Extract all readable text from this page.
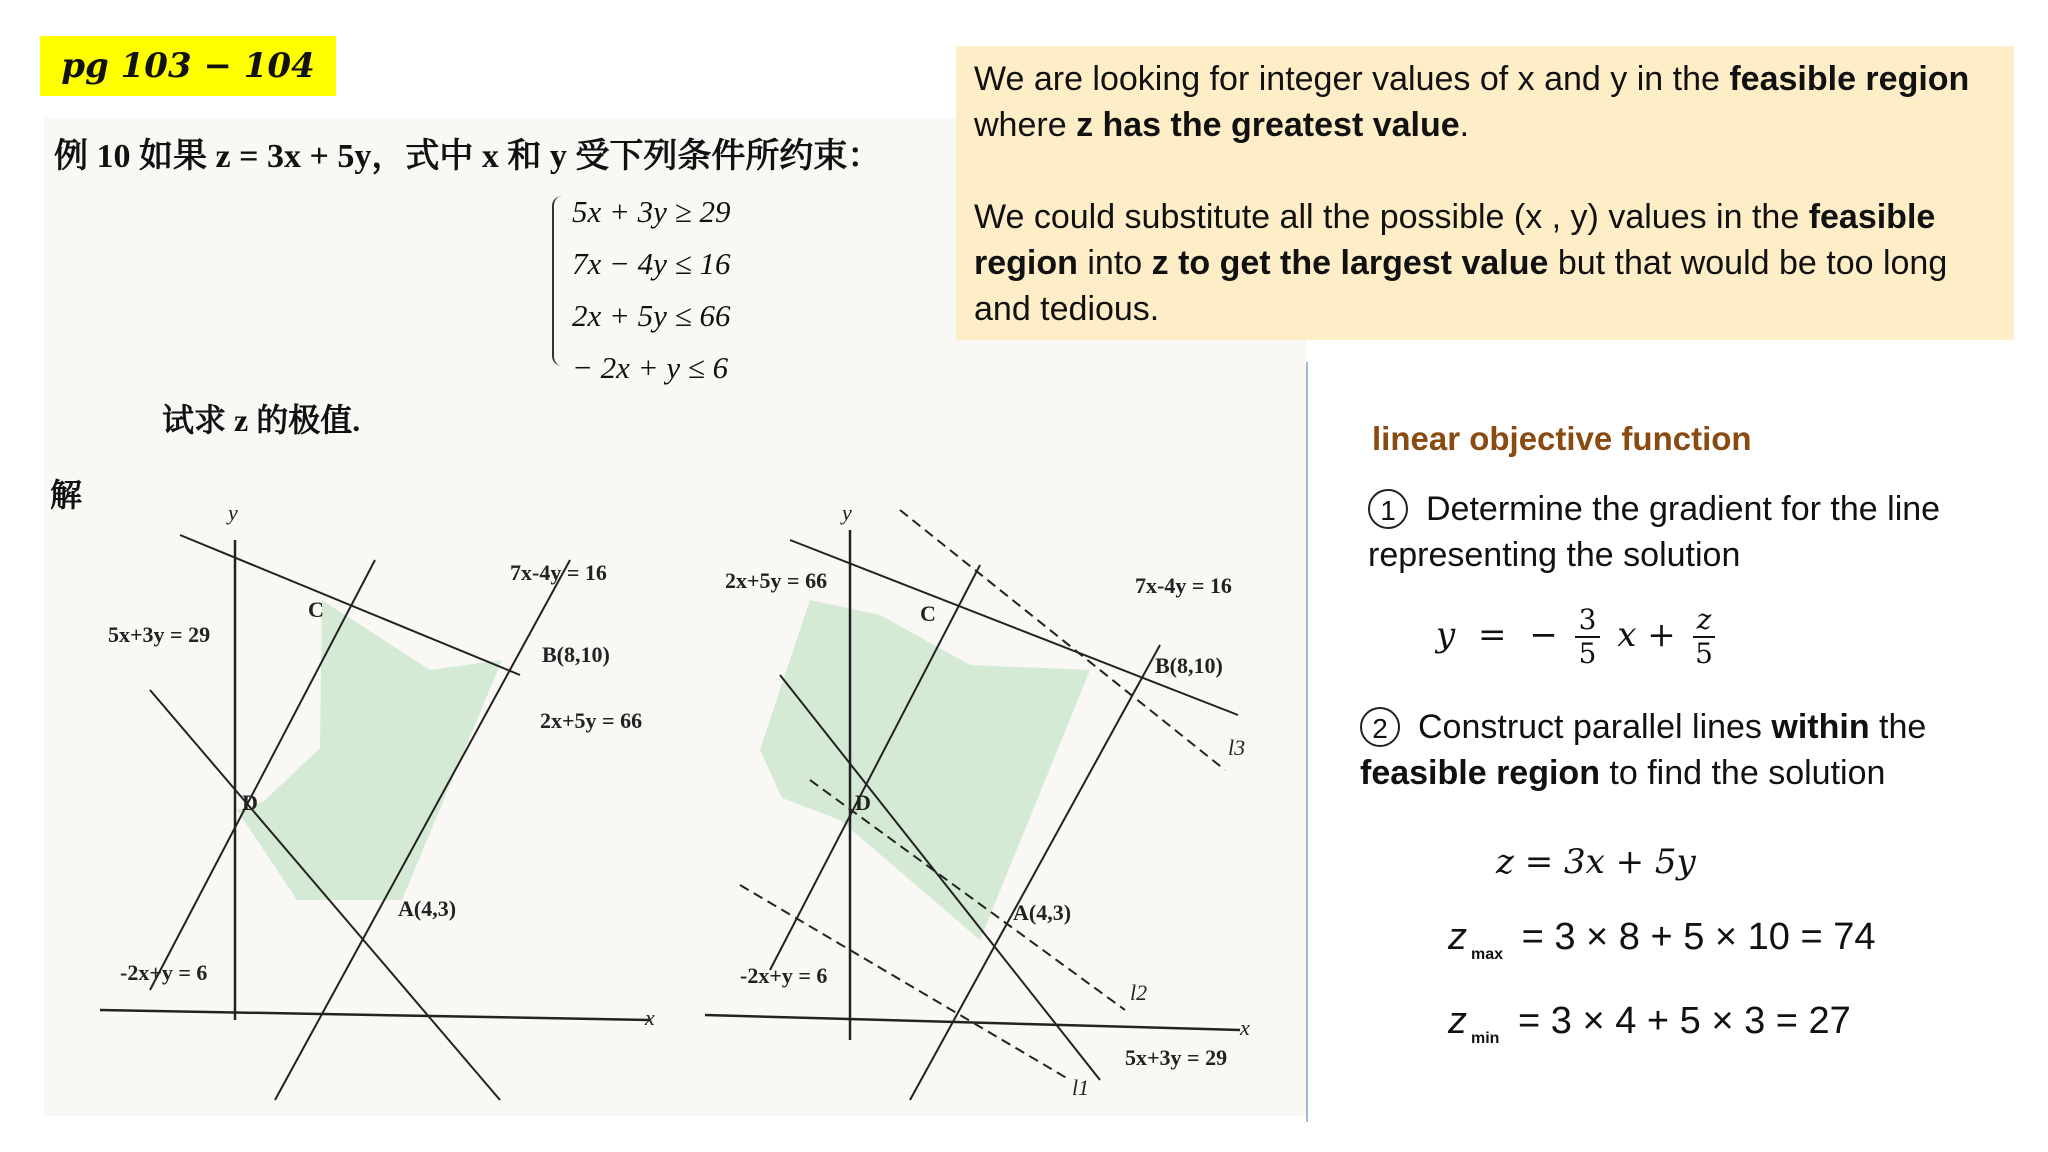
pg 103 − 104
例 10 如果 z = 3x + 5y，式中 x 和 y 受下列条件所约束：
5x + 3y ≥ 29
7x − 4y ≤ 16
2x + 5y ≤ 66
− 2x + y ≤ 6
试求 z 的极值.
解	y
x
C
D
B(8,10)
A(4,3)
7x-4y = 16
2x+5y = 66
5x+3y = 29
-2x+y = 6
y
x
C
D
B(8,10)
A(4,3)
2x+5y = 66	7x-4y = 16
5x+3y = 29
-2x+y = 6
l3
l2
l1

We are looking for integer values of x and y in the feasible region where z has the greatest value.

We could substitute all the possible (x , y) values in the feasible region into z to get the largest value but that would be too long and tedious.

linear objective function
1 Determine the gradient for the line representing the solution
y = − $\frac{3}{5}$ $x + \frac{z}{5}$
2 Construct parallel lines within the feasible region to find the solution
z = 3x + 5y
z $_{max}$ = 3 × 8 + 5 × 10 = 74
z $_{min}$ = 3 × 4 + 5 × 3 = 27
